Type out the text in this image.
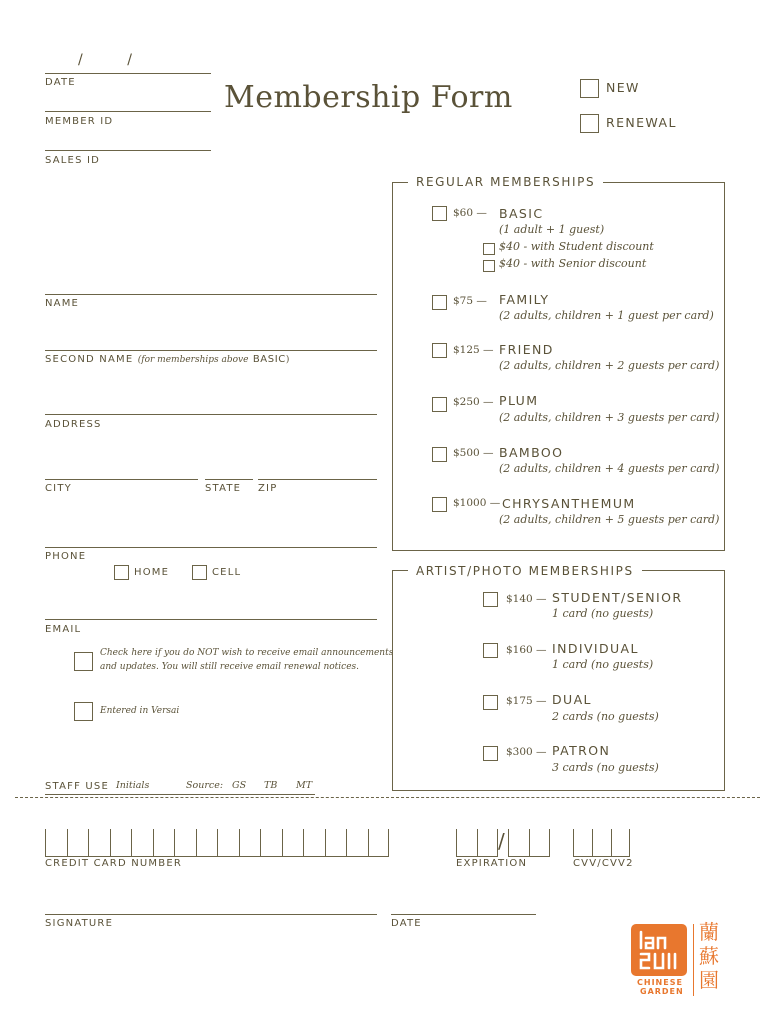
/          /
DATE
MEMBER ID
SALES ID
Membership Form	NEW
RENEWAL
NAME
SECOND NAME (for memberships above BASIC)
ADDRESS
CITY	STATE ZIP
PHONE
HOME	CELL
EMAIL
Check here if you do NOT wish to receive email announcements
and updates. You will still receive email renewal notices.
Entered in Versai
REGULAR MEMBERSHIPS
$60 — BASIC
(1 adult + 1 guest)
$40 - with Student discount
$40 - with Senior discount
$75 — FAMILY
(2 adults, children + 1 guest per card)
$125 — FRIEND
(2 adults, children + 2 guests per card)
$250 — PLUM
(2 adults, children + 3 guests per card)
$500 — BAMBOO
(2 adults, children + 4 guests per card)
$1000 — CHRYSANTHEMUM
(2 adults, children + 5 guests per card)
ARTIST/PHOTO MEMBERSHIPS
$140 — STUDENT/SENIOR
1 card (no guests)
$160 — INDIVIDUAL
1 card (no guests)
$175 — DUAL
2 cards (no guests)
$300 — PATRON
3 cards (no guests)
STAFF USE Initials	Source: GS TB MT
CREDIT CARD NUMBER
/
EXPIRATION	CVV/CVV2
SIGNATURE	DATE
CHINESE
GARDEN
蘭蘇園
